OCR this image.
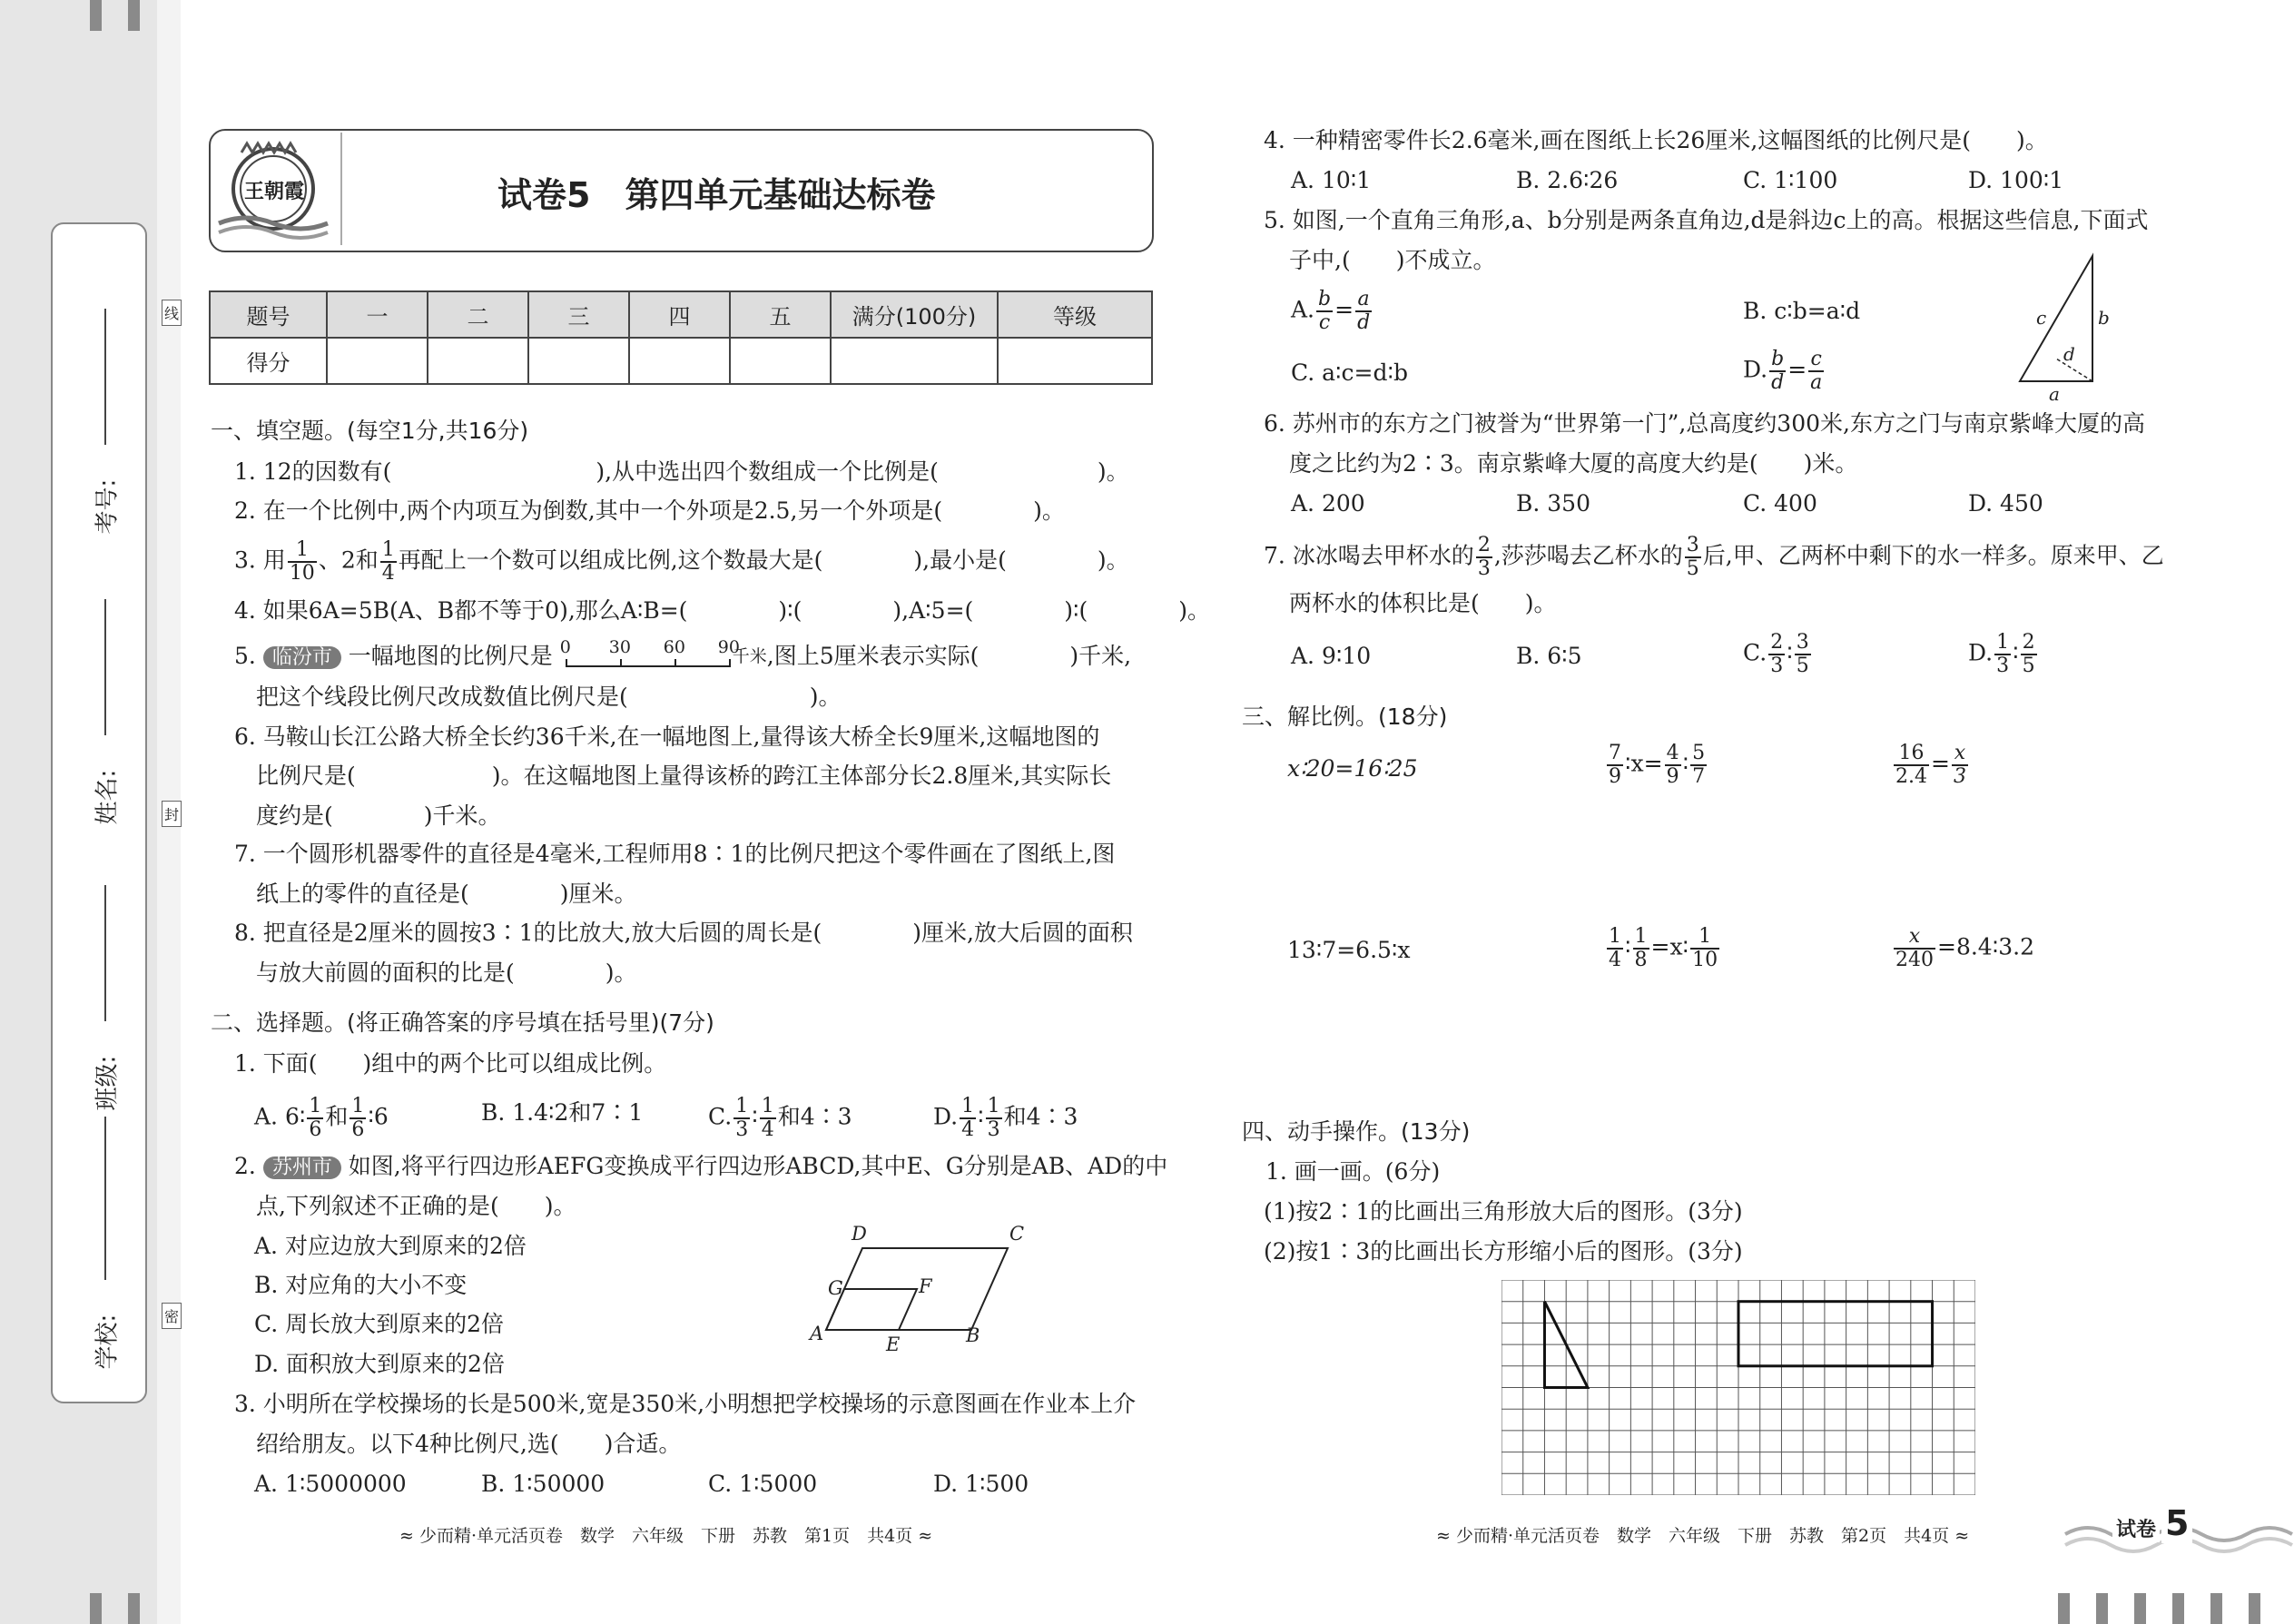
考号:
姓名:
班级:
学校:
线
封
密
王朝霞	试卷5　第四单元基础达标卷
题号	一	二	三	四	五	满分(100分)	等级
得分							
一、填空题。(每空1分,共16分)
1. 12的因数有(　　　　　　　　　),从中选出四个数组成一个比例是(　　　　　　　)。
2. 在一个比例中,两个内项互为倒数,其中一个外项是2.5,另一个外项是(　　　　)。
3. 用 $\frac{1}{10}$ 、2和 $\frac{1}{4}$ 再配上一个数可以组成比例,这个数最大是(　　　　),最小是(　　　　)。
4. 如果6A=5B(A、B都不等于0),那么A∶B=(　　　　)∶(　　　　),A∶5=(　　　　)∶(　　　　)。
5. 临汾市 一幅地图的比例尺是 0 30 60 90
$^{千米}$,图上5厘米表示实际(　　　　)千米,
把这个线段比例尺改成数值比例尺是(　　　　　　　　)。
6. 马鞍山长江公路大桥全长约36千米,在一幅地图上,量得该大桥全长9厘米,这幅地图的
比例尺是(　　　　　　)。在这幅地图上量得该桥的跨江主体部分长2.8厘米,其实际长
度约是(　　　　)千米。
7. 一个圆形机器零件的直径是4毫米,工程师用8∶1的比例尺把这个零件画在了图纸上,图
纸上的零件的直径是(　　　　)厘米。
8. 把直径是2厘米的圆按3∶1的比放大,放大后圆的周长是(　　　　)厘米,放大后圆的面积
与放大前圆的面积的比是(　　　　)。
二、选择题。(将正确答案的序号填在括号里)(7分)
1. 下面(　　)组中的两个比可以组成比例。
A. 6∶ $\frac{1}{6}$ 和 $\frac{1}{6}$ ∶6	B. 1.4∶2和7∶1	C. $\frac{1}{3}$ ∶ $\frac{1}{4}$ 和4∶3	D. $\frac{1}{4}$ ∶ $\frac{1}{3}$ 和4∶3
2. 苏州市 如图,将平行四边形AEFG变换成平行四边形ABCD,其中E、G分别是AB、AD的中
点,下列叙述不正确的是(　　)。
A. 对应边放大到原来的2倍
B. 对应角的大小不变
C. 周长放大到原来的2倍
D. 面积放大到原来的2倍
D	C
G	F
A	E	B
3. 小明所在学校操场的长是500米,宽是350米,小明想把学校操场的示意图画在作业本上介
绍给朋友。以下4种比例尺,选(　　)合适。
A. 1∶5000000	B. 1∶50000	C. 1∶5000	D. 1∶500
≈ 少而精·单元活页卷　数学　六年级　下册　苏教　第1页　共4页 ≈
4. 一种精密零件长2.6毫米,画在图纸上长26厘米,这幅图纸的比例尺是(　　)。
A. 10∶1	B. 2.6∶26	C. 1∶100	D. 100∶1
5. 如图,一个直角三角形,a、b分别是两条直角边,d是斜边c上的高。根据这些信息,下面式
子中,(　　)不成立。
A. $\frac{b}{c} = \frac{a}{d}$	B. c∶b=a∶d
C. a∶c=d∶b	D. $\frac{b}{d} = \frac{c}{a}$
c	b
d
a
6. 苏州市的东方之门被誉为“世界第一门”,总高度约300米,东方之门与南京紫峰大厦的高
度之比约为2∶3。南京紫峰大厦的高度大约是(　　)米。
A. 200	B. 350	C. 400	D. 450
7. 冰冰喝去甲杯水的 $\frac{2}{3}$ ,莎莎喝去乙杯水的 $\frac{3}{5}$ 后,甲、乙两杯中剩下的水一样多。原来甲、乙
两杯水的体积比是(　　)。
A. 9∶10	B. 6∶5	C. $\frac{2}{3}$ ∶ $\frac{3}{5}$	D. $\frac{1}{3}$ ∶ $\frac{2}{5}$
三、解比例。(18分)
x∶20=16∶25	$\frac{7}{9}$ ∶x= $\frac{4}{9}$ ∶ $\frac{5}{7}$	$\frac{16}{2.4} = \frac{x}{3}$
13∶7=6.5∶x	$\frac{1}{4}$ ∶ $\frac{1}{8}$ =x∶ $\frac{1}{10}$	$\frac{x}{240}$ =8.4∶3.2
四、动手操作。(13分)
1. 画一画。(6分)
(1)按2∶1的比画出三角形放大后的图形。(3分)
(2)按1∶3的比画出长方形缩小后的图形。(3分)
≈ 少而精·单元活页卷　数学　六年级　下册　苏教　第2页　共4页 ≈	试卷 5
